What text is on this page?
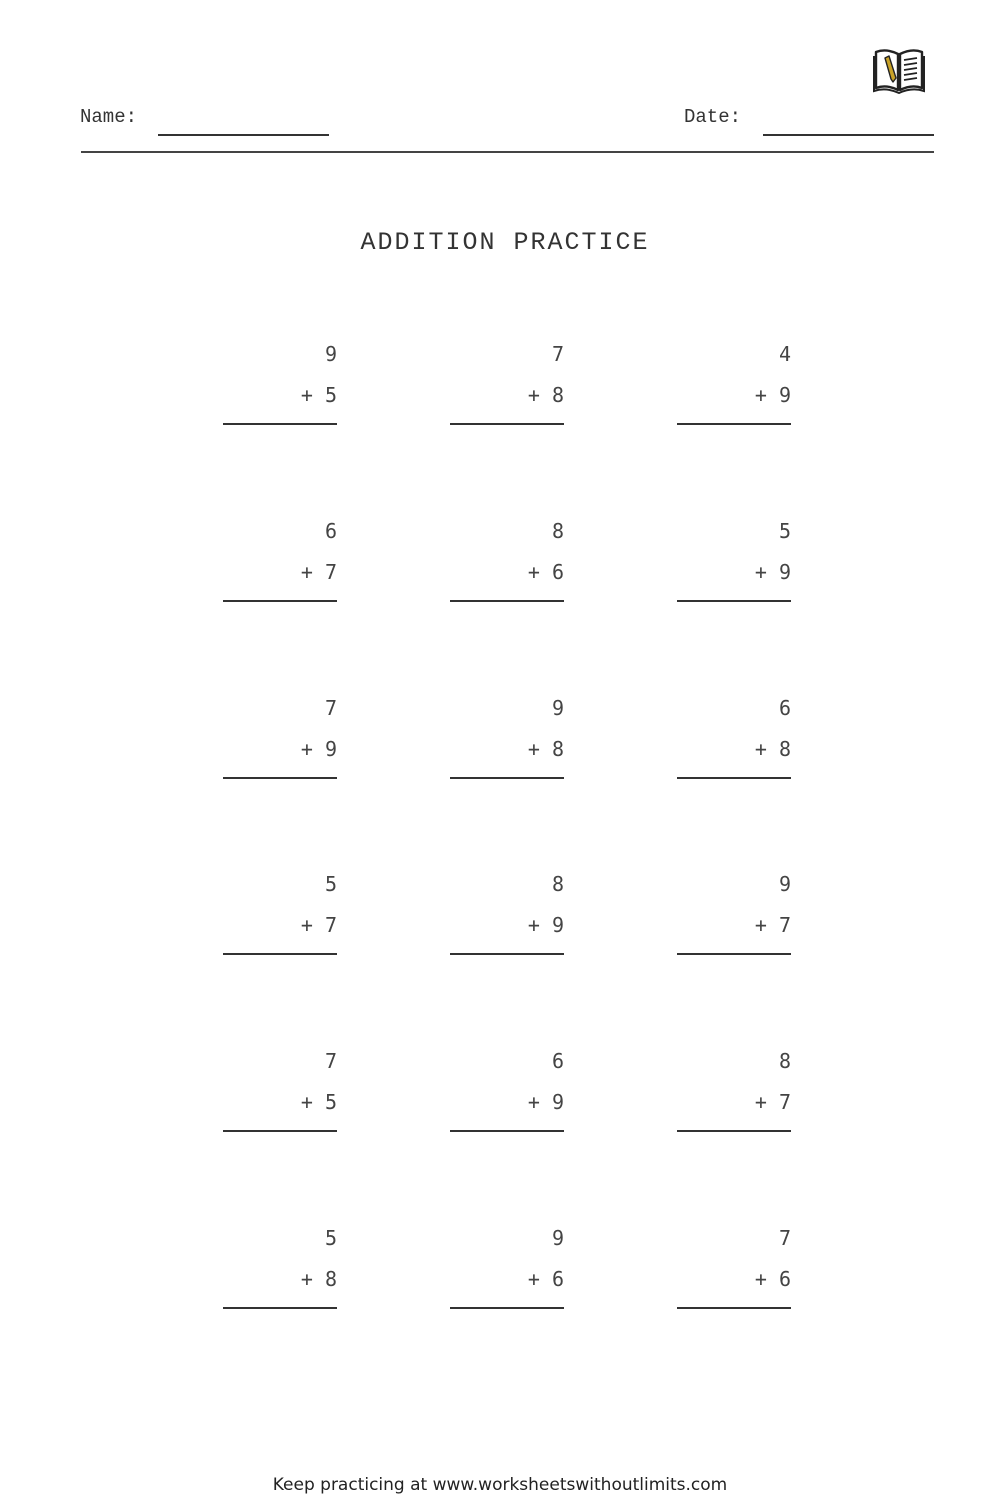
Name:	Date:
ADDITION PRACTICE
9
+ 5
7
+ 8
4
+ 9
6
+ 7
8
+ 6
5
+ 9
7
+ 9
9
+ 8
6
+ 8
5
+ 7
8
+ 9
9
+ 7
7
+ 5
6
+ 9
8
+ 7
5
+ 8
9
+ 6
7
+ 6
Keep practicing at www.worksheetswithoutlimits.com
